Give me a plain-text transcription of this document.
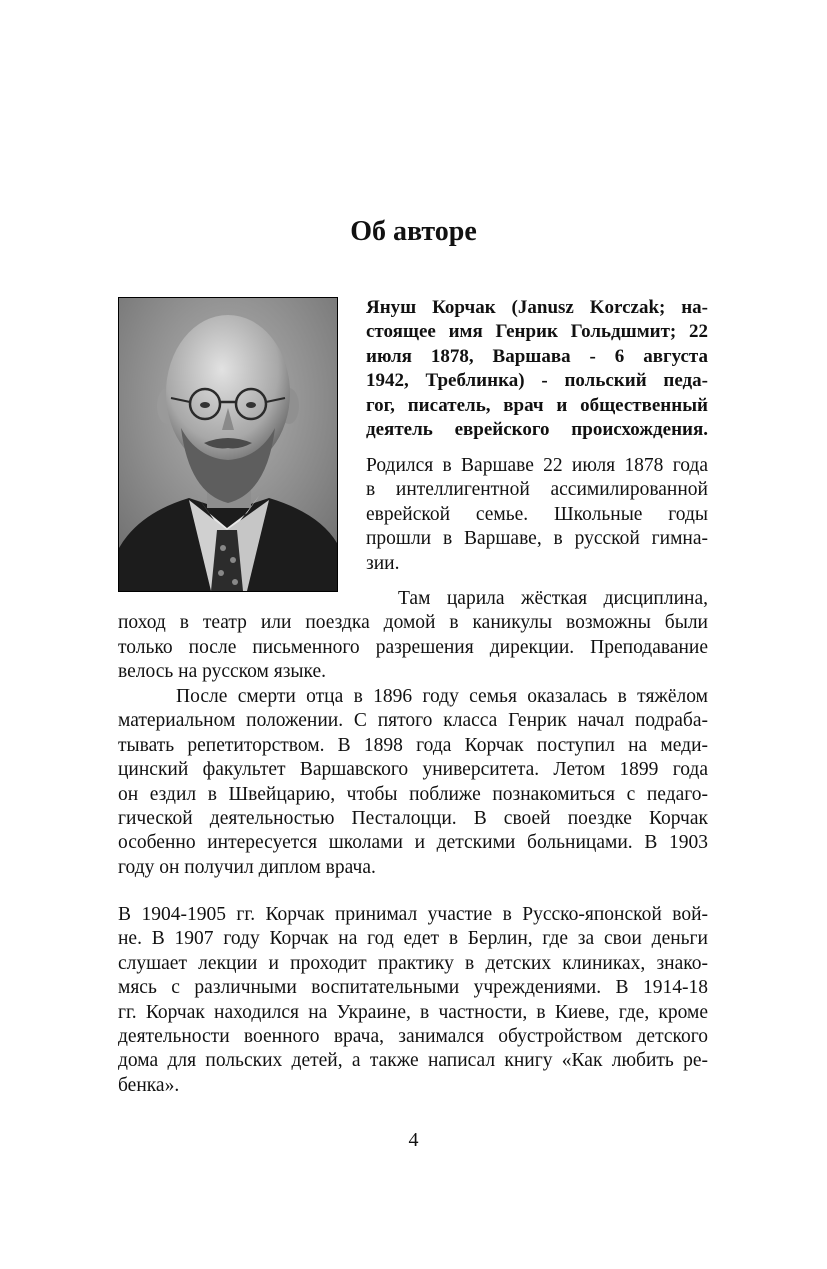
Об авторе
Януш Корчак (Janusz Korczak; на-
стоящее имя Генрик Гольдшмит; 22
июля 1878, Варшава - 6 августа
1942, Треблинка) - польский педа-
гог, писатель, врач и общественный
деятель еврейского происхождения.
Родился в Варшаве 22 июля 1878 года
в интеллигентной ассимилированной
еврейской семье. Школьные годы
прошли в Варшаве, в русской гимна-
зии.
Там царила жёсткая дисциплина,
поход в театр или поездка домой в каникулы возможны были
только после письменного разрешения дирекции. Преподавание
велось на русском языке.
После смерти отца в 1896 году семья оказалась в тяжёлом
материальном положении. С пятого класса Генрик начал подраба-
тывать репетиторством. В 1898 года Корчак поступил на меди-
цинский факультет Варшавского университета. Летом 1899 года
он ездил в Швейцарию, чтобы поближе познакомиться с педаго-
гической деятельностью Песталоцци. В своей поездке Корчак
особенно интересуется школами и детскими больницами. В 1903
году он получил диплом врача.
В 1904-1905 гг. Корчак принимал участие в Русско-японской вой-
не. В 1907 году Корчак на год едет в Берлин, где за свои деньги
слушает лекции и проходит практику в детских клиниках, знако-
мясь с различными воспитательными учреждениями. В 1914-18
гг. Корчак находился на Украине, в частности, в Киеве, где, кроме
деятельности военного врача, занимался обустройством детского
дома для польских детей, а также написал книгу «Как любить ре-
бенка».
4
